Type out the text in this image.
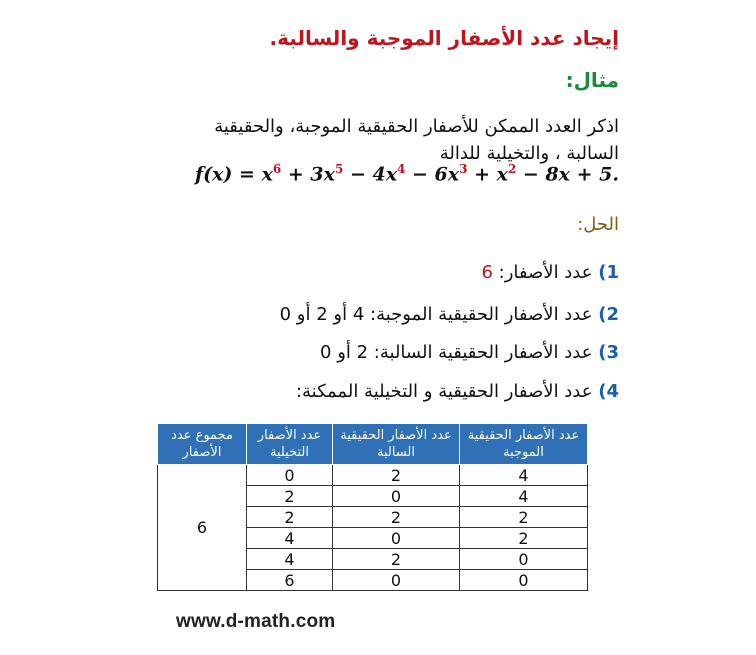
إيجاد عدد الأصفار الموجبة والسالبة.
مثال:
اذكر العدد الممكن للأصفار الحقيقية الموجبة، والحقيقية
السالبة ، والتخيلية للدالة
$f(x) = x^6 + 3x^5 - 4x^4 - 6x^3 + x^2 - 8x + 5$.
الحل:
1) عدد الأصفار: 6
2) عدد الأصفار الحقيقية الموجبة: 4 أو 2 أو 0
3) عدد الأصفار الحقيقية السالبة: 2 أو 0
4) عدد الأصفار الحقيقية و التخيلية الممكنة:
مجموع عدد الأصفار	عدد الأصفار التخيلية	عدد الأصفار الحقيقية السالبة	عدد الأصفار الحقيقية الموجبة
6	0	2	4
	2	0	4
	2	2	2
	4	0	2
	4	2	0
	6	0	0
www.d-math.com
